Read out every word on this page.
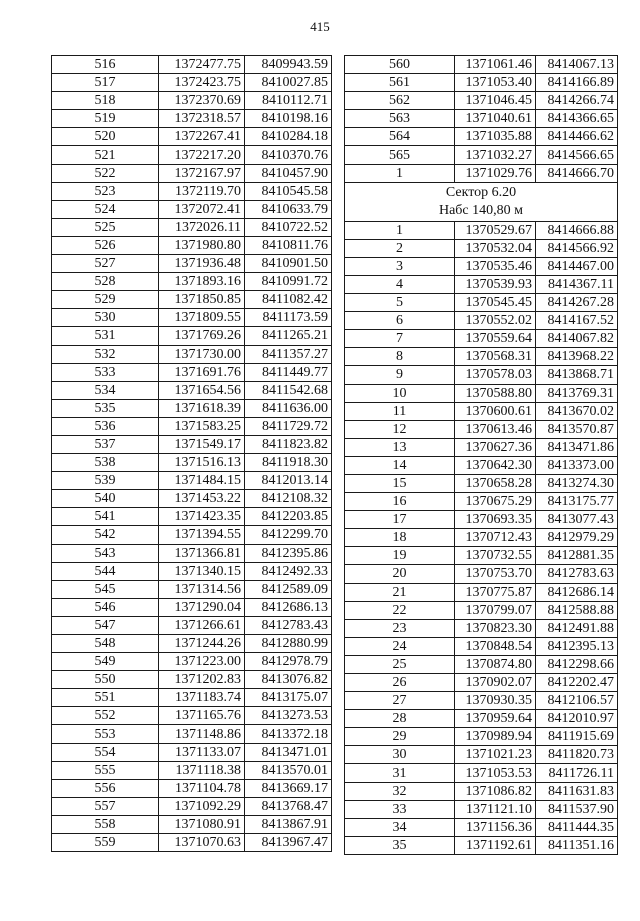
415
516	1372477.75	8409943.59
517	1372423.75	8410027.85
518	1372370.69	8410112.71
519	1372318.57	8410198.16
520	1372267.41	8410284.18
521	1372217.20	8410370.76
522	1372167.97	8410457.90
523	1372119.70	8410545.58
524	1372072.41	8410633.79
525	1372026.11	8410722.52
526	1371980.80	8410811.76
527	1371936.48	8410901.50
528	1371893.16	8410991.72
529	1371850.85	8411082.42
530	1371809.55	8411173.59
531	1371769.26	8411265.21
532	1371730.00	8411357.27
533	1371691.76	8411449.77
534	1371654.56	8411542.68
535	1371618.39	8411636.00
536	1371583.25	8411729.72
537	1371549.17	8411823.82
538	1371516.13	8411918.30
539	1371484.15	8412013.14
540	1371453.22	8412108.32
541	1371423.35	8412203.85
542	1371394.55	8412299.70
543	1371366.81	8412395.86
544	1371340.15	8412492.33
545	1371314.56	8412589.09
546	1371290.04	8412686.13
547	1371266.61	8412783.43
548	1371244.26	8412880.99
549	1371223.00	8412978.79
550	1371202.83	8413076.82
551	1371183.74	8413175.07
552	1371165.76	8413273.53
553	1371148.86	8413372.18
554	1371133.07	8413471.01
555	1371118.38	8413570.01
556	1371104.78	8413669.17
557	1371092.29	8413768.47
558	1371080.91	8413867.91
559	1371070.63	8413967.47
560	1371061.46	8414067.13
561	1371053.40	8414166.89
562	1371046.45	8414266.74
563	1371040.61	8414366.65
564	1371035.88	8414466.62
565	1371032.27	8414566.65
1	1371029.76	8414666.70

Сектор 6.20
Набс 140,80 м		

1	1370529.67	8414666.88
2	1370532.04	8414566.92
3	1370535.46	8414467.00
4	1370539.93	8414367.11
5	1370545.45	8414267.28
6	1370552.02	8414167.52
7	1370559.64	8414067.82
8	1370568.31	8413968.22
9	1370578.03	8413868.71
10	1370588.80	8413769.31
11	1370600.61	8413670.02
12	1370613.46	8413570.87
13	1370627.36	8413471.86
14	1370642.30	8413373.00
15	1370658.28	8413274.30
16	1370675.29	8413175.77
17	1370693.35	8413077.43
18	1370712.43	8412979.29
19	1370732.55	8412881.35
20	1370753.70	8412783.63
21	1370775.87	8412686.14
22	1370799.07	8412588.88
23	1370823.30	8412491.88
24	1370848.54	8412395.13
25	1370874.80	8412298.66
26	1370902.07	8412202.47
27	1370930.35	8412106.57
28	1370959.64	8412010.97
29	1370989.94	8411915.69
30	1371021.23	8411820.73
31	1371053.53	8411726.11
32	1371086.82	8411631.83
33	1371121.10	8411537.90
34	1371156.36	8411444.35
35	1371192.61	8411351.16
